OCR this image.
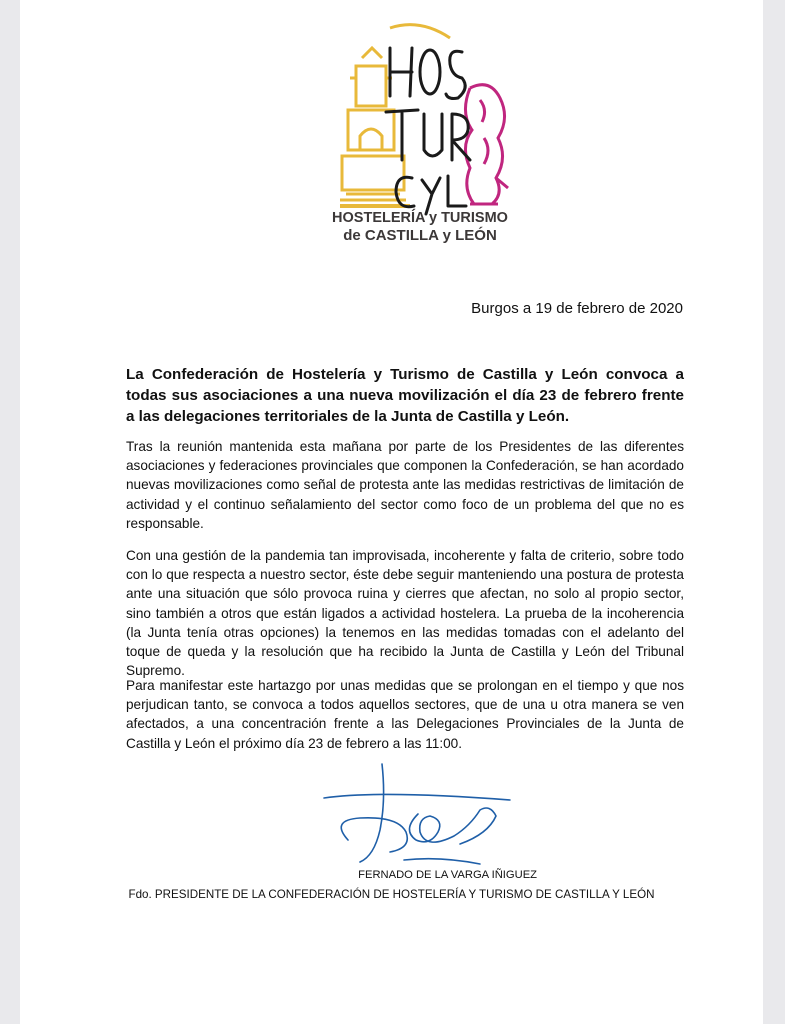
HOSTELERÍA y TURISMO
de CASTILLA y LEÓN
Burgos a 19 de febrero de 2020

La Confederación de Hostelería y Turismo de Castilla y León convoca a todas sus asociaciones a una nueva movilización el día 23 de febrero frente a las delegaciones territoriales de la Junta de Castilla y León.

Tras la reunión mantenida esta mañana por parte de los Presidentes de las diferentes asociaciones y federaciones provinciales que componen la Confederación, se han acordado nuevas movilizaciones como señal de protesta ante las medidas restrictivas de limitación de actividad y el continuo señalamiento del sector como foco de un problema del que no es responsable.

Con una gestión de la pandemia tan improvisada, incoherente y falta de criterio, sobre todo con lo que respecta a nuestro sector, éste debe seguir manteniendo una postura de protesta ante una situación que sólo provoca ruina y cierres que afectan, no solo al propio sector, sino también a otros que están ligados a actividad hostelera. La prueba de la incoherencia (la Junta tenía otras opciones) la tenemos en las medidas tomadas con el adelanto del toque de queda y la resolución que ha recibido la Junta de Castilla y León del Tribunal Supremo.

Para manifestar este hartazgo por unas medidas que se prolongan en el tiempo y que nos perjudican tanto, se convoca a todos aquellos sectores, que de una u otra manera se ven afectados, a una concentración frente a las Delegaciones Provinciales de la Junta de Castilla y León el próximo día 23 de febrero a las 11:00.

FERNADO DE LA VARGA IÑIGUEZ
Fdo. PRESIDENTE DE LA CONFEDERACIÓN DE HOSTELERÍA Y TURISMO DE CASTILLA Y LEÓN
